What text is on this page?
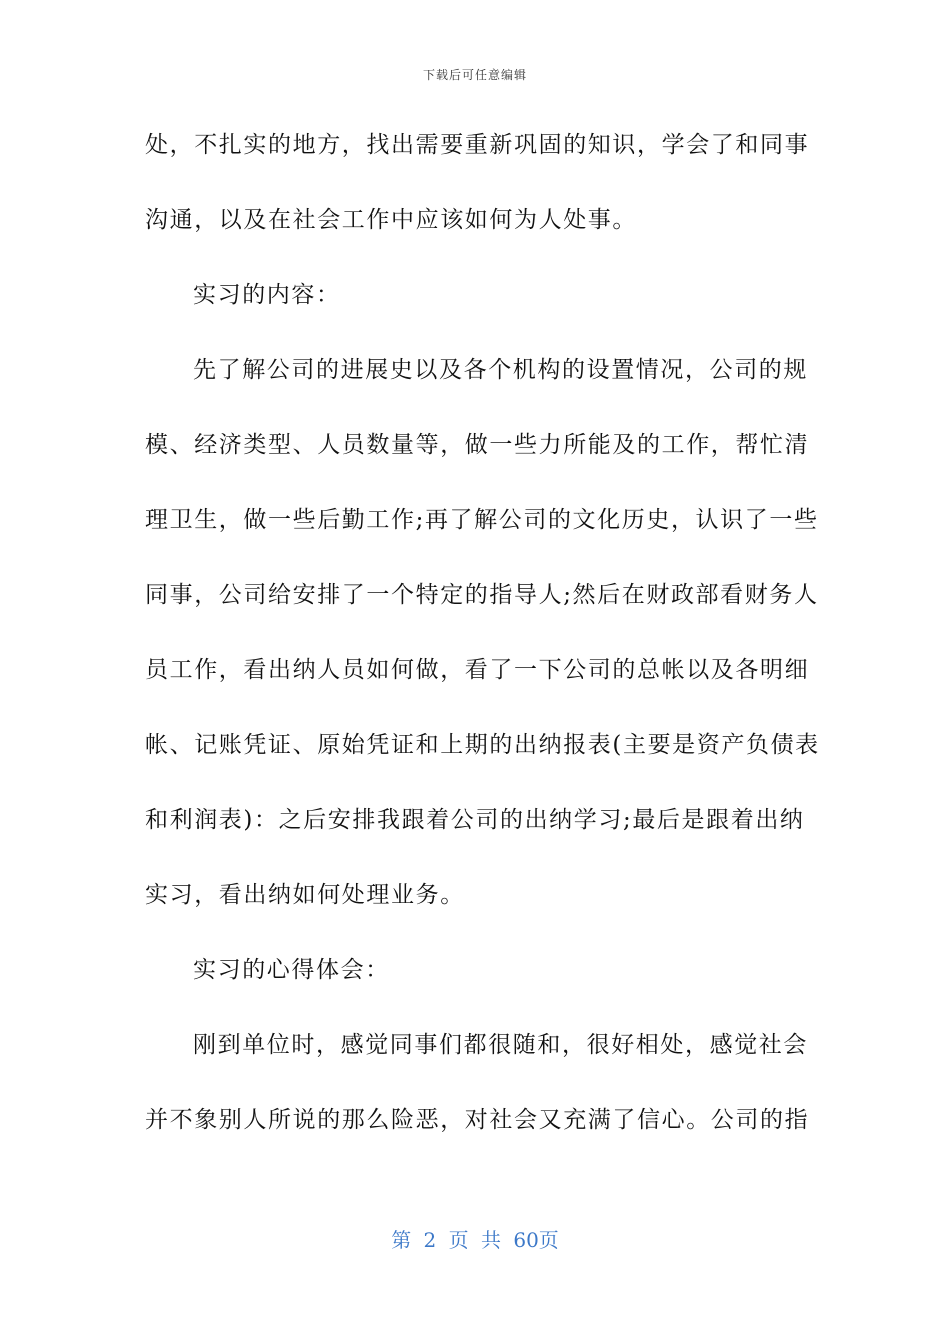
下载后可任意编辑
处，不扎实的地方，找出需要重新巩固的知识，学会了和同事
沟通，以及在社会工作中应该如何为人处事。
实习的内容：
先了解公司的进展史以及各个机构的设置情况，公司的规
模、经济类型、人员数量等，做一些力所能及的工作，帮忙清
理卫生，做一些后勤工作;再了解公司的文化历史，认识了一些
同事，公司给安排了一个特定的指导人;然后在财政部看财务人
员工作，看出纳人员如何做，看了一下公司的总帐以及各明细
帐、记账凭证、原始凭证和上期的出纳报表(主要是资产负债表
和利润表)：之后安排我跟着公司的出纳学习;最后是跟着出纳
实习，看出纳如何处理业务。
实习的心得体会：
刚到单位时，感觉同事们都很随和，很好相处，感觉社会
并不象别人所说的那么险恶，对社会又充满了信心。公司的指
第 2 页 共 60页
